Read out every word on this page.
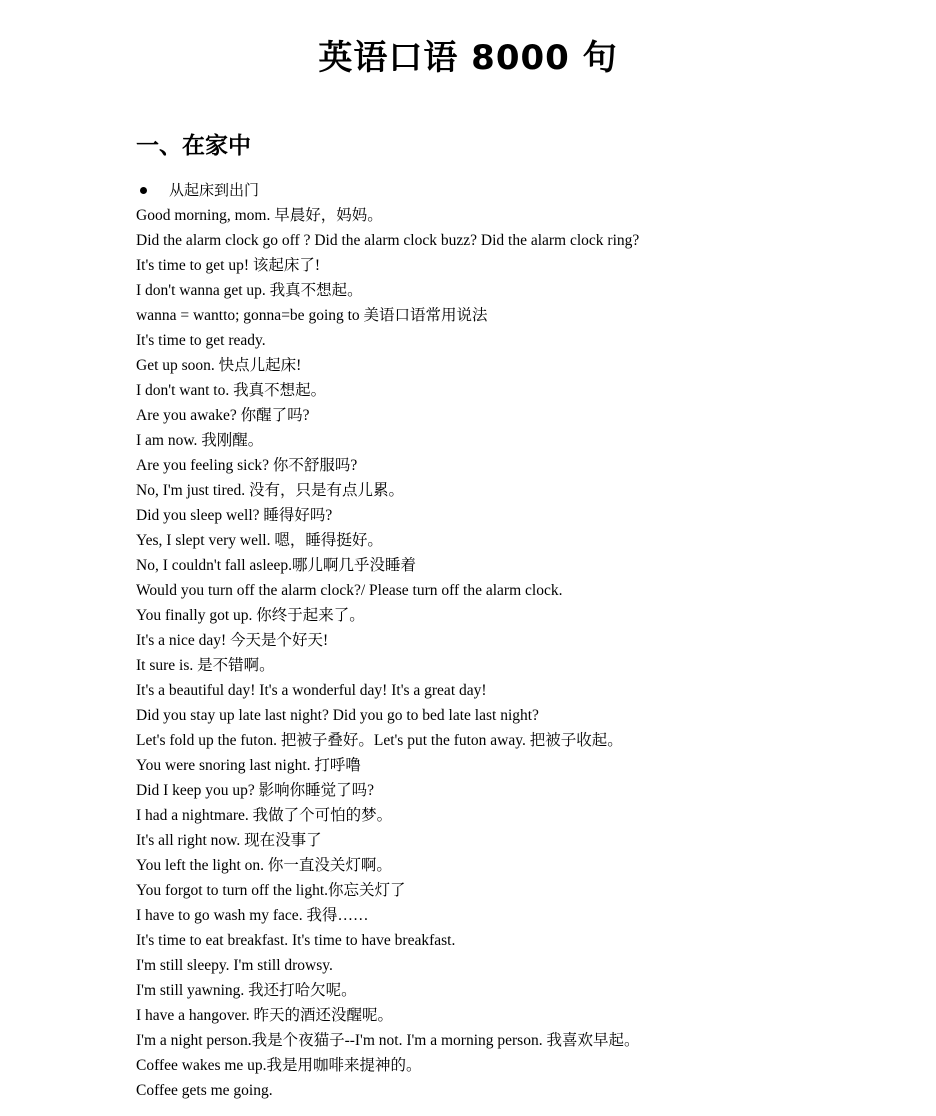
英语口语 8000 句
一、在家中
从起床到出门
Good morning, mom. 早晨好，妈妈。
Did the alarm clock go off ? Did the alarm clock buzz? Did the alarm clock ring?
It's time to get up! 该起床了!
I don't wanna get up. 我真不想起。
wanna = wantto; gonna=be going to 美语口语常用说法
It's time to get ready.
Get up soon. 快点儿起床!
I don't want to. 我真不想起。
Are you awake? 你醒了吗?
I am now. 我刚醒。
Are you feeling sick? 你不舒服吗?
No, I'm just tired. 没有，只是有点儿累。
Did you sleep well? 睡得好吗?
Yes, I slept very well. 嗯，睡得挺好。
No, I couldn't fall asleep.哪儿啊几乎没睡着
Would you turn off the alarm clock?/ Please turn off the alarm clock.
You finally got up. 你终于起来了。
It's a nice day! 今天是个好天!
It sure is. 是不错啊。
It's a beautiful day! It's a wonderful day! It's a great day!
Did you stay up late last night? Did you go to bed late last night?
Let's fold up the futon. 把被子叠好。Let's put the futon away. 把被子收起。
You were snoring last night. 打呼噜
Did I keep you up? 影响你睡觉了吗?
I had a nightmare. 我做了个可怕的梦。
It's all right now. 现在没事了
You left the light on. 你一直没关灯啊。
You forgot to turn off the light.你忘关灯了
I have to go wash my face. 我得……
It's time to eat breakfast. It's time to have breakfast.
I'm still sleepy. I'm still drowsy.
I'm still yawning. 我还打哈欠呢。
I have a hangover. 昨天的酒还没醒呢。
I'm a night person.我是个夜猫子--I'm not. I'm a morning person. 我喜欢早起。
Coffee wakes me up.我是用咖啡来提神的。
Coffee gets me going.
